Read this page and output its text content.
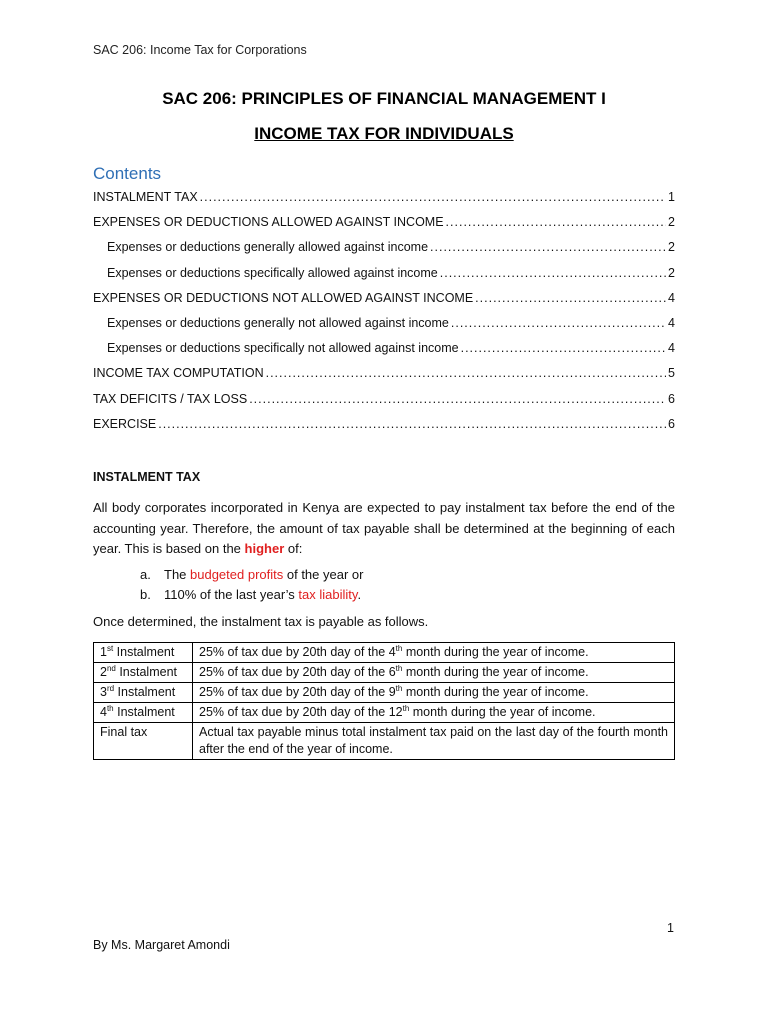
SAC 206: Income Tax for Corporations
SAC 206: PRINCIPLES OF FINANCIAL MANAGEMENT I
INCOME TAX FOR INDIVIDUALS
Contents
INSTALMENT TAX .....	1
EXPENSES OR DEDUCTIONS ALLOWED AGAINST INCOME .....	2
Expenses or deductions generally allowed against income .....	2
Expenses or deductions specifically allowed against income .....	2
EXPENSES OR DEDUCTIONS NOT ALLOWED AGAINST INCOME .....	4
Expenses or deductions generally not allowed against income .....	4
Expenses or deductions specifically not allowed against income .....	4
INCOME TAX COMPUTATION .....	5
TAX DEFICITS / TAX LOSS .....	6
EXERCISE .....	6
INSTALMENT TAX
All body corporates incorporated in Kenya are expected to pay instalment tax before the end of the accounting year. Therefore, the amount of tax payable shall be determined at the beginning of each year. This is based on the higher of:
a.	The budgeted profits of the year or
b.	110% of the last year’s tax liability.
Once determined, the instalment tax is payable as follows.
1st Instalment	25% of tax due by 20th day of the 4th month during the year of income.
2nd Instalment	25% of tax due by 20th day of the 6th month during the year of income.
3rd Instalment	25% of tax due by 20th day of the 9th month during the year of income.
4th Instalment	25% of tax due by 20th day of the 12th month during the year of income.
Final tax	Actual tax payable minus total instalment tax paid on the last day of the fourth month after the end of the year of income.
1
By Ms. Margaret Amondi
